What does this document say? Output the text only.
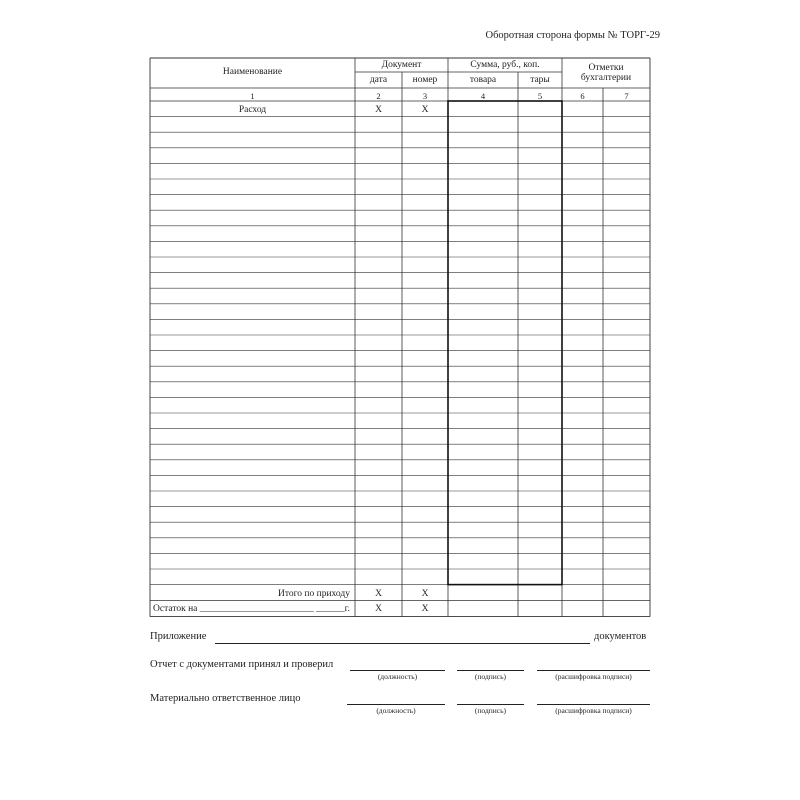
Оборотная сторона формы № ТОРГ-29
Наименование
Документ
дата	номер
Сумма, руб., коп.
товара	тары
Отметки бухгалтерии
1	2	3	4	5	6	7
Расход	Х	Х
Итого по приходу	Х	Х
Остаток на ________________________ ______г.	Х	Х
Приложение	документов
Отчет с документами принял и проверил
(должность)	(подпись)	(расшифровка подписи)
Материально ответственное лицо
(должность)	(подпись)	(расшифровка подписи)
